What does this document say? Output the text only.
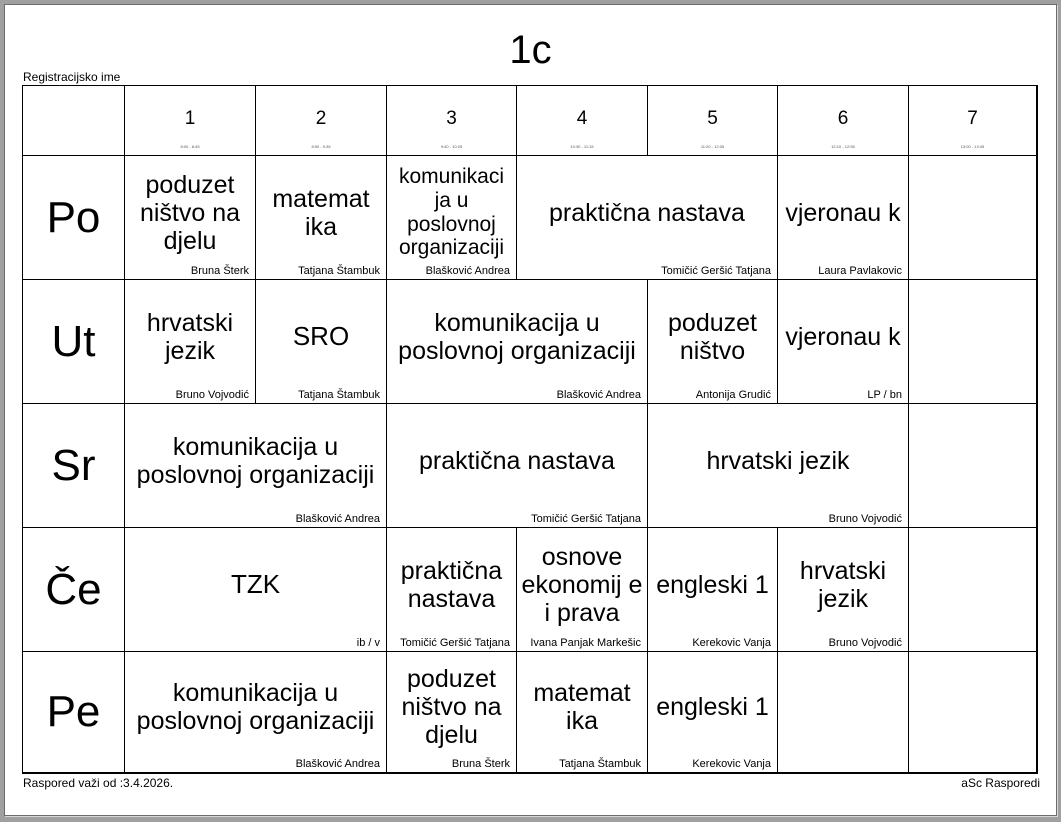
1c
Registracijsko ime
1
8:00 - 8:45
2
8:50 - 9:35
3
9:40 - 10:25
4
10:30 - 11:15
5
11:20 - 12:05
6
12:10 - 12:55
7
13:00 - 13:45
Po
Ut
Sr
Če
Pe
poduzet ništvo na djelu
Bruna Šterk
matemat ika
Tatjana Štambuk
komunikaci ja u poslovnoj organizaciji
Blašković Andrea
praktična nastava
Tomičić Geršić Tatjana
vjeronau k
Laura Pavlakovic
hrvatski jezik
Bruno Vojvodić
SRO
Tatjana Štambuk
komunikacija u poslovnoj organizaciji
Blašković Andrea
poduzet ništvo
Antonija Grudić
vjeronau k
LP / bn
komunikacija u poslovnoj organizaciji
Blašković Andrea
praktična nastava
Tomičić Geršić Tatjana
hrvatski jezik
Bruno Vojvodić
TZK
ib / v
praktična nastava
Tomičić Geršić Tatjana
osnove ekonomij e i prava
Ivana Panjak Markešic
engleski 1
Kerekovic Vanja
hrvatski jezik
Bruno Vojvodić
komunikacija u poslovnoj organizaciji
Blašković Andrea
poduzet ništvo na djelu
Bruna Šterk
matemat ika
Tatjana Štambuk
engleski 1
Kerekovic Vanja
Raspored važi od :3.4.2026.	aSc Rasporedi
